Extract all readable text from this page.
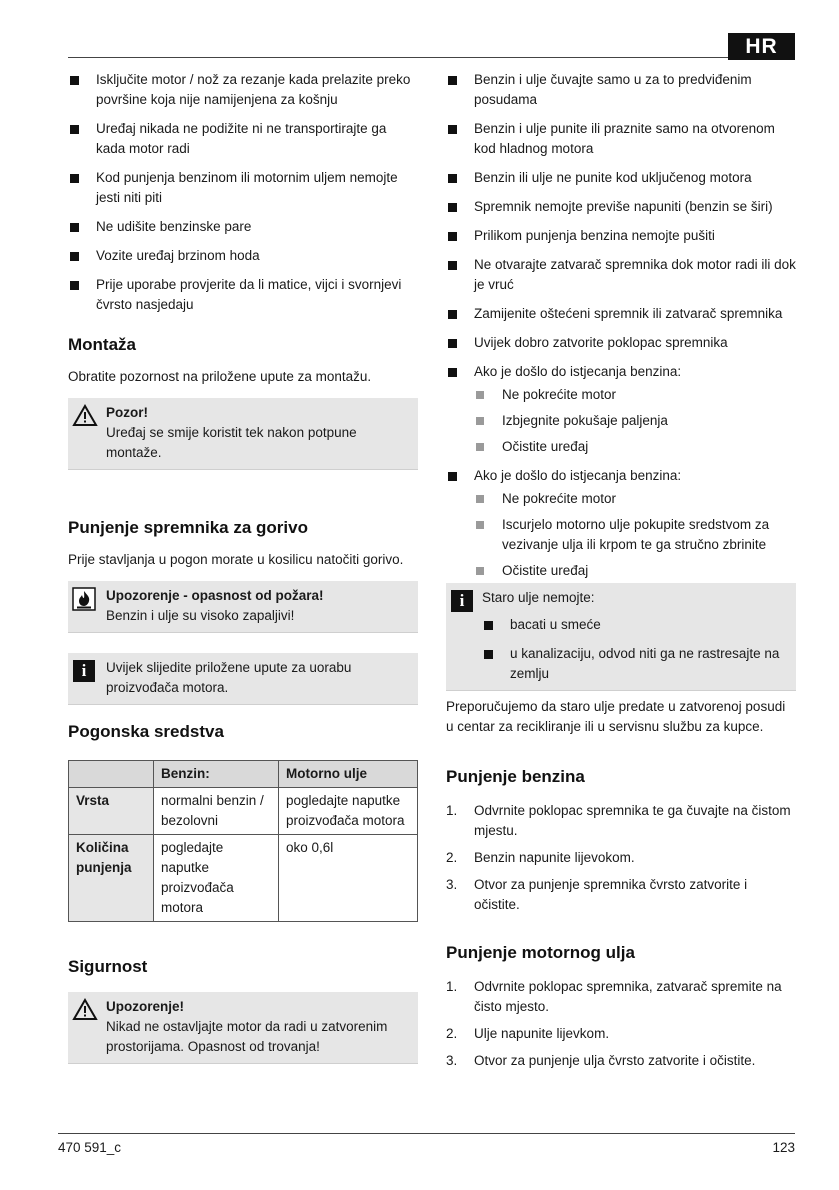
HR
Isključite motor / nož za rezanje kada prelazite preko površine koja nije namijenjena za košnju
Uređaj nikada ne podižite ni ne transportirajte ga kada motor radi
Kod punjenja benzinom ili motornim uljem nemojte jesti niti piti
Ne udišite benzinske pare
Vozite uređaj brzinom hoda
Prije uporabe provjerite da li matice, vijci i svornjevi čvrsto nasjedaju
Montaža

Obratite pozornost na priložene upute za montažu.

Pozor!
Uređaj se smije koristit tek nakon potpune montaže.
Punjenje spremnika za gorivo

Prije stavljanja u pogon morate u kosilicu natočiti gorivo.

Upozorenje - opasnost od požara!
Benzin i ulje su visoko zapaljivi!
i	Uvijek slijedite priložene upute za uorabu proizvođača motora.
Pogonska sredstva
	Benzin:	Motorno ulje
Vrsta	normalni benzin / bezolovni	pogledajte naputke proizvođača motora
Količina punjenja	pogledajte naputke proizvođača motora	oko 0,6l
Sigurnost
Upozorenje!
Nikad ne ostavljajte motor da radi u zatvorenim prostorijama. Opasnost od trovanja!
Benzin i ulje čuvajte samo u za to predviđenim posudama
Benzin i ulje punite ili praznite samo na otvorenom kod hladnog motora
Benzin ili ulje ne punite kod uključenog motora
Spremnik nemojte previše napuniti (benzin se širi)
Prilikom punjenja benzina nemojte pušiti
Ne otvarajte zatvarač spremnika dok motor radi ili dok je vruć
Zamijenite oštećeni spremnik ili zatvarač spremnika
Uvijek dobro zatvorite poklopac spremnika
Ako je došlo do istjecanja benzina:
Ne pokrećite motor
Izbjegnite pokušaje paljenja
Očistite uređaj
Ako je došlo do istjecanja benzina:
Ne pokrećite motor
Iscurjelo motorno ulje pokupite sredstvom za vezivanje ulja ili krpom te ga stručno zbrinite
Očistite uređaj
i	Staro ulje nemojte:
bacati u smeće
u kanalizaciju, odvod niti ga ne rastresajte na zemlju

Preporučujemo da staro ulje predate u zatvorenoj posudi u centar za recikliranje ili u servisnu službu za kupce.

Punjenje benzina
1. Odvrnite poklopac spremnika te ga čuvajte na čistom mjestu.
2. Benzin napunite lijevokom.
3. Otvor za punjenje spremnika čvrsto zatvorite i očistite.
Punjenje motornog ulja
1. Odvrnite poklopac spremnika, zatvarač spremite na čisto mjesto.
2. Ulje napunite lijevkom.
3. Otvor za punjenje ulja čvrsto zatvorite i očistite.
470 591_c	123
